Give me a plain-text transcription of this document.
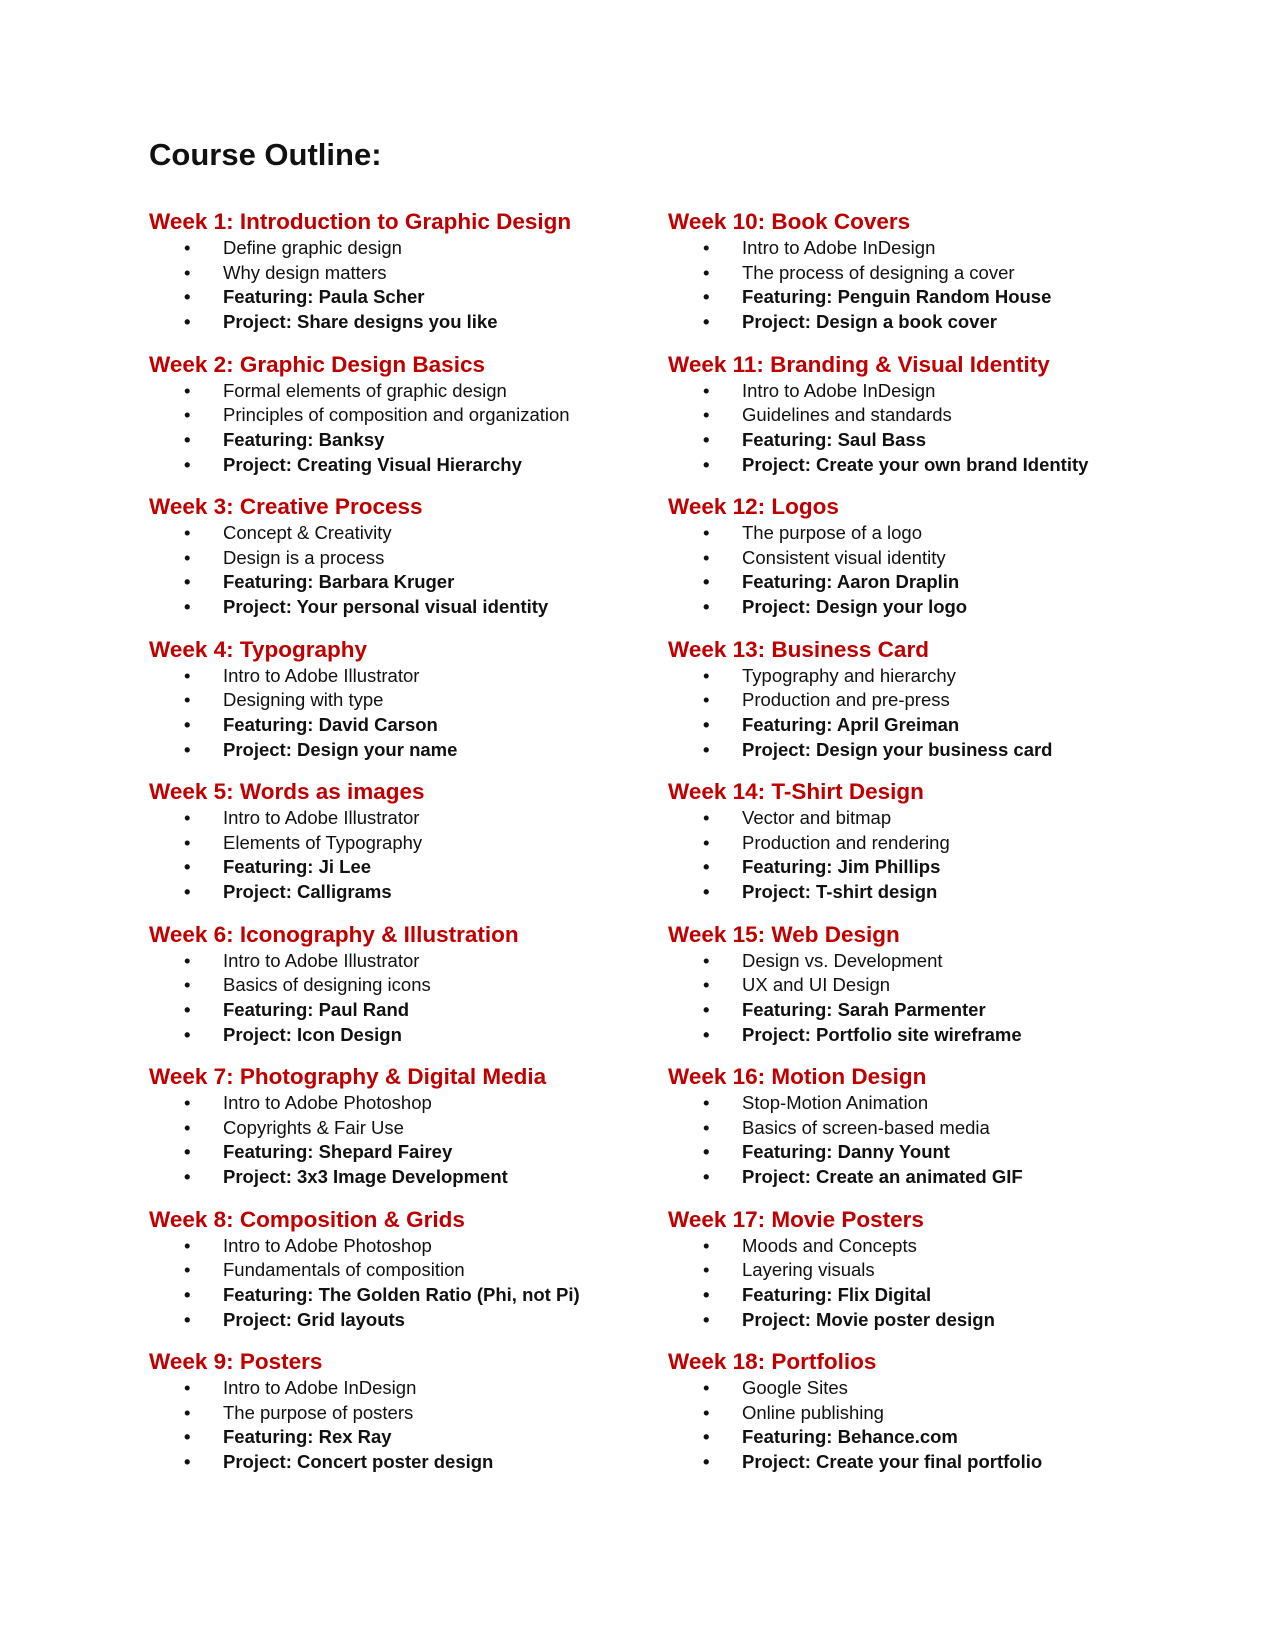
Course Outline:
Week 1: Introduction to Graphic Design
• Define graphic design
• Why design matters
• Featuring: Paula Scher
• Project: Share designs you like
Week 2: Graphic Design Basics
• Formal elements of graphic design
• Principles of composition and organization
• Featuring: Banksy
• Project: Creating Visual Hierarchy
Week 3: Creative Process
• Concept & Creativity
• Design is a process
• Featuring: Barbara Kruger
• Project: Your personal visual identity
Week 4: Typography
• Intro to Adobe Illustrator
• Designing with type
• Featuring: David Carson
• Project: Design your name
Week 5: Words as images
• Intro to Adobe Illustrator
• Elements of Typography
• Featuring: Ji Lee
• Project: Calligrams
Week 6: Iconography & Illustration
• Intro to Adobe Illustrator
• Basics of designing icons
• Featuring: Paul Rand
• Project: Icon Design
Week 7: Photography & Digital Media
• Intro to Adobe Photoshop
• Copyrights & Fair Use
• Featuring: Shepard Fairey
• Project: 3x3 Image Development
Week 8: Composition & Grids
• Intro to Adobe Photoshop
• Fundamentals of composition
• Featuring: The Golden Ratio (Phi, not Pi)
• Project: Grid layouts
Week 9: Posters
• Intro to Adobe InDesign
• The purpose of posters
• Featuring: Rex Ray
• Project: Concert poster design
Week 10: Book Covers
• Intro to Adobe InDesign
• The process of designing a cover
• Featuring: Penguin Random House
• Project: Design a book cover
Week 11: Branding & Visual Identity
• Intro to Adobe InDesign
• Guidelines and standards
• Featuring: Saul Bass
• Project: Create your own brand Identity
Week 12: Logos
• The purpose of a logo
• Consistent visual identity
• Featuring: Aaron Draplin
• Project: Design your logo
Week 13: Business Card
• Typography and hierarchy
• Production and pre-press
• Featuring: April Greiman
• Project: Design your business card
Week 14: T-Shirt Design
• Vector and bitmap
• Production and rendering
• Featuring: Jim Phillips
• Project: T-shirt design
Week 15: Web Design
• Design vs. Development
• UX and UI Design
• Featuring: Sarah Parmenter
• Project: Portfolio site wireframe
Week 16: Motion Design
• Stop-Motion Animation
• Basics of screen-based media
• Featuring: Danny Yount
• Project: Create an animated GIF
Week 17: Movie Posters
• Moods and Concepts
• Layering visuals
• Featuring: Flix Digital
• Project: Movie poster design
Week 18: Portfolios
• Google Sites
• Online publishing
• Featuring: Behance.com
• Project: Create your final portfolio
